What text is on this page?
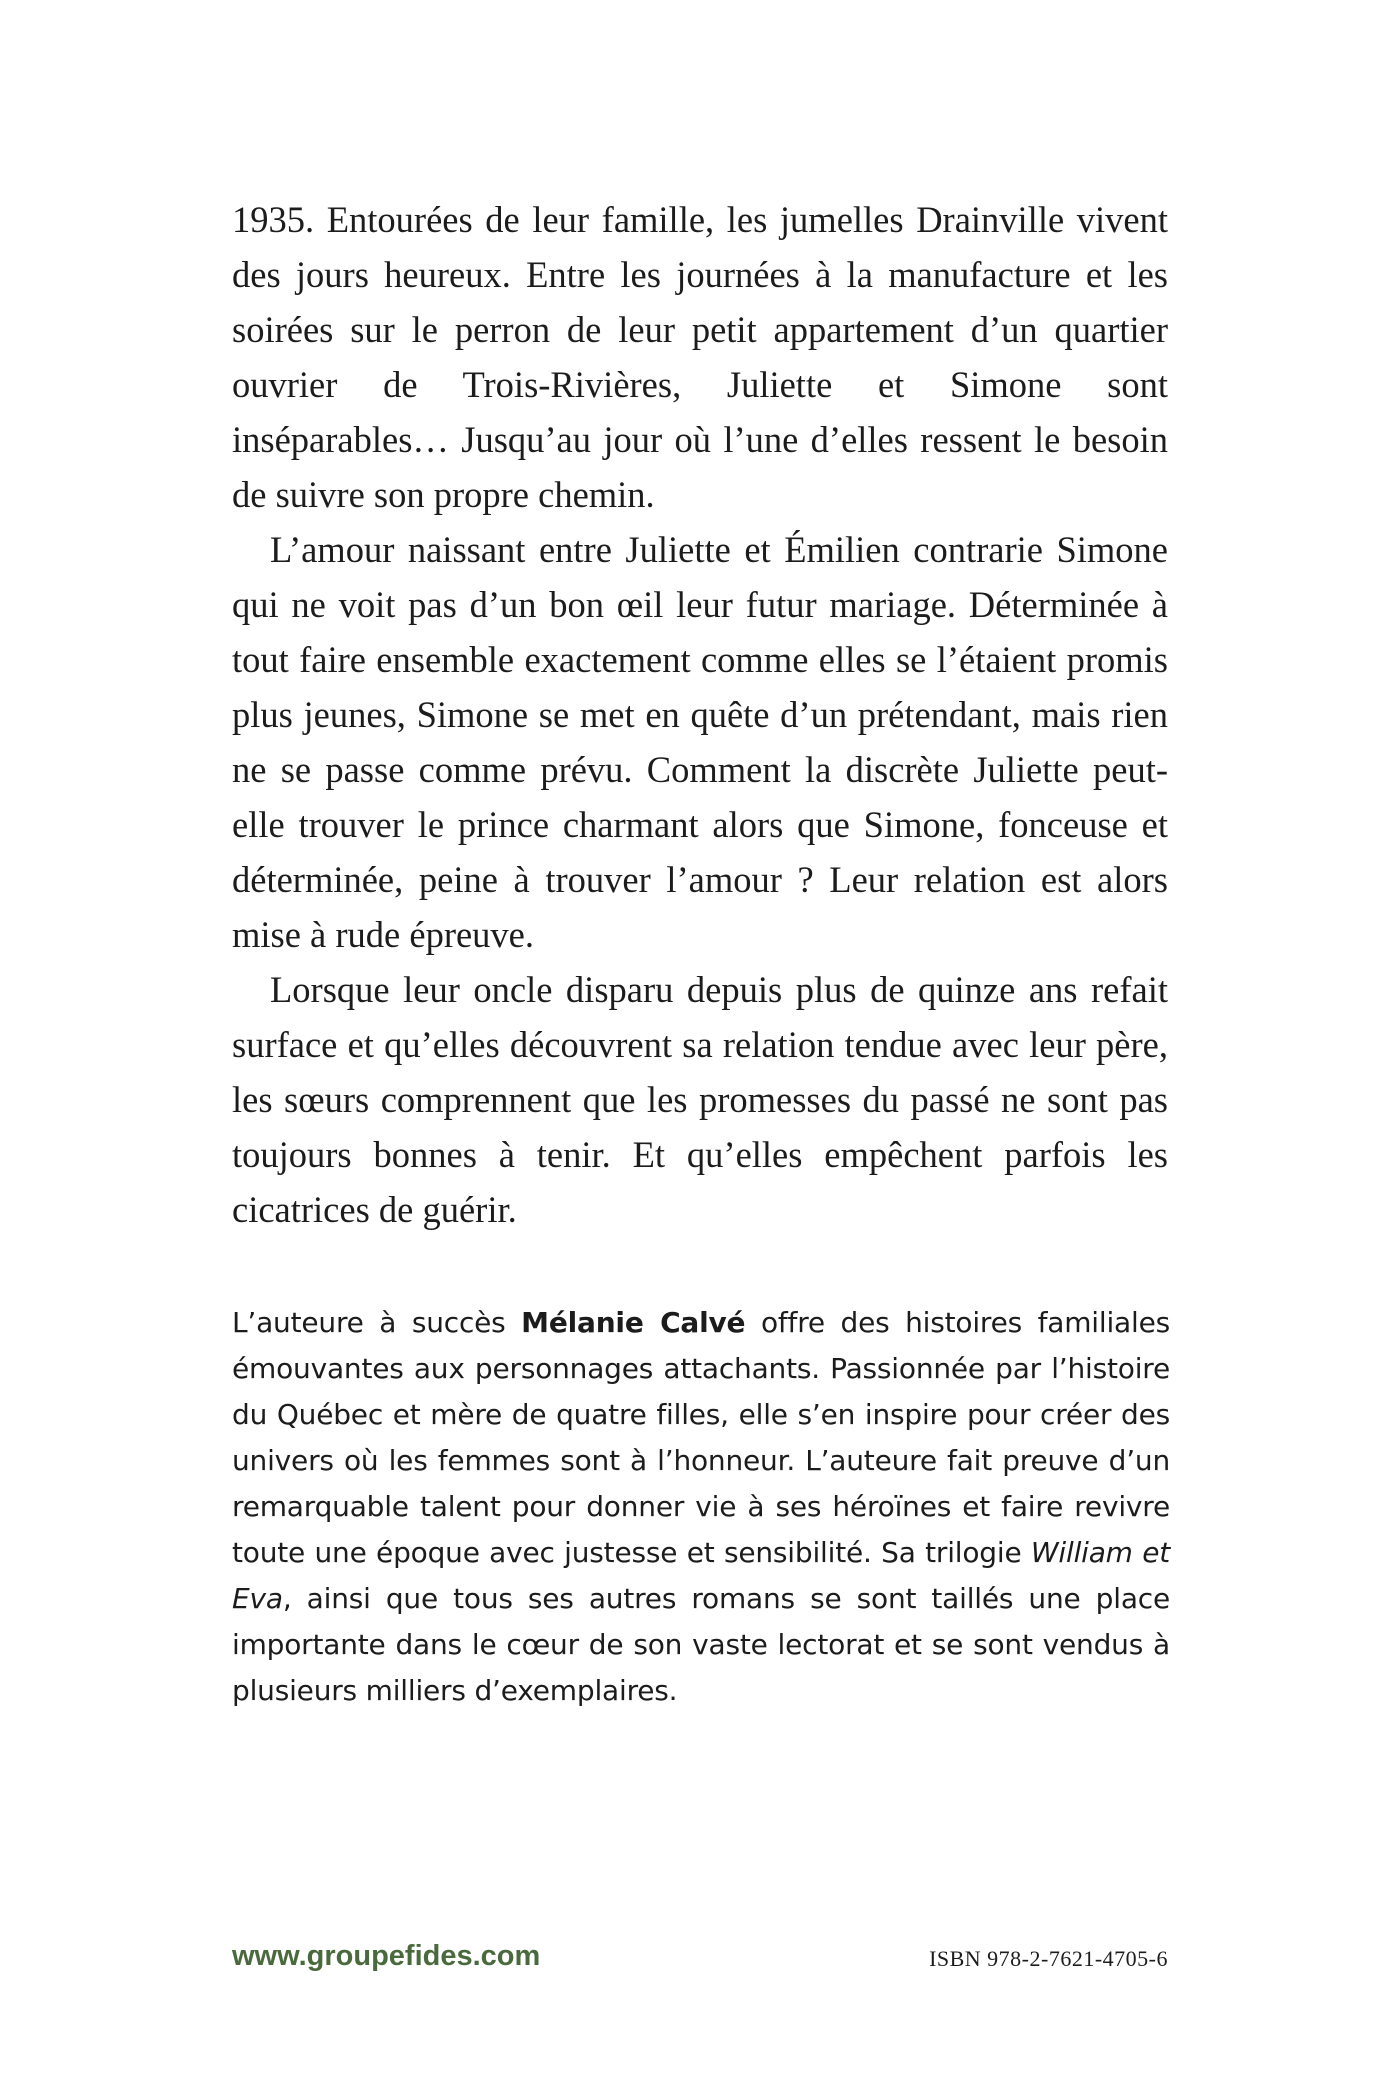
1935. Entourées de leur famille, les jumelles Drainville vivent des jours heureux. Entre les journées à la manufacture et les soirées sur le perron de leur petit appartement d’un quartier ouvrier de Trois-Rivières, Juliette et Simone sont inséparables… Jusqu’au jour où l’une d’elles ressent le besoin de suivre son propre chemin.

L’amour naissant entre Juliette et Émilien contrarie Simone qui ne voit pas d’un bon œil leur futur mariage. Déterminée à tout faire ensemble exactement comme elles se l’étaient promis plus jeunes, Simone se met en quête d’un prétendant, mais rien ne se passe comme prévu. Comment la discrète Juliette peut-elle trouver le prince charmant alors que Simone, fonceuse et déterminée, peine à trouver l’amour ? Leur relation est alors mise à rude épreuve.

Lorsque leur oncle disparu depuis plus de quinze ans refait surface et qu’elles découvrent sa relation tendue avec leur père, les sœurs comprennent que les promesses du passé ne sont pas toujours bonnes à tenir. Et qu’elles empêchent parfois les cicatrices de guérir.

L’auteure à succès Mélanie Calvé offre des histoires familiales émouvantes aux personnages attachants. Passionnée par l’histoire du Québec et mère de quatre filles, elle s’en inspire pour créer des univers où les femmes sont à l’honneur. L’auteure fait preuve d’un remarquable talent pour donner vie à ses héroïnes et faire revivre toute une époque avec justesse et sensibilité. Sa trilogie William et Eva, ainsi que tous ses autres romans se sont taillés une place importante dans le cœur de son vaste lectorat et se sont vendus à plusieurs milliers d’exemplaires.

www.groupefides.com	ISBN 978-2-7621-4705-6
